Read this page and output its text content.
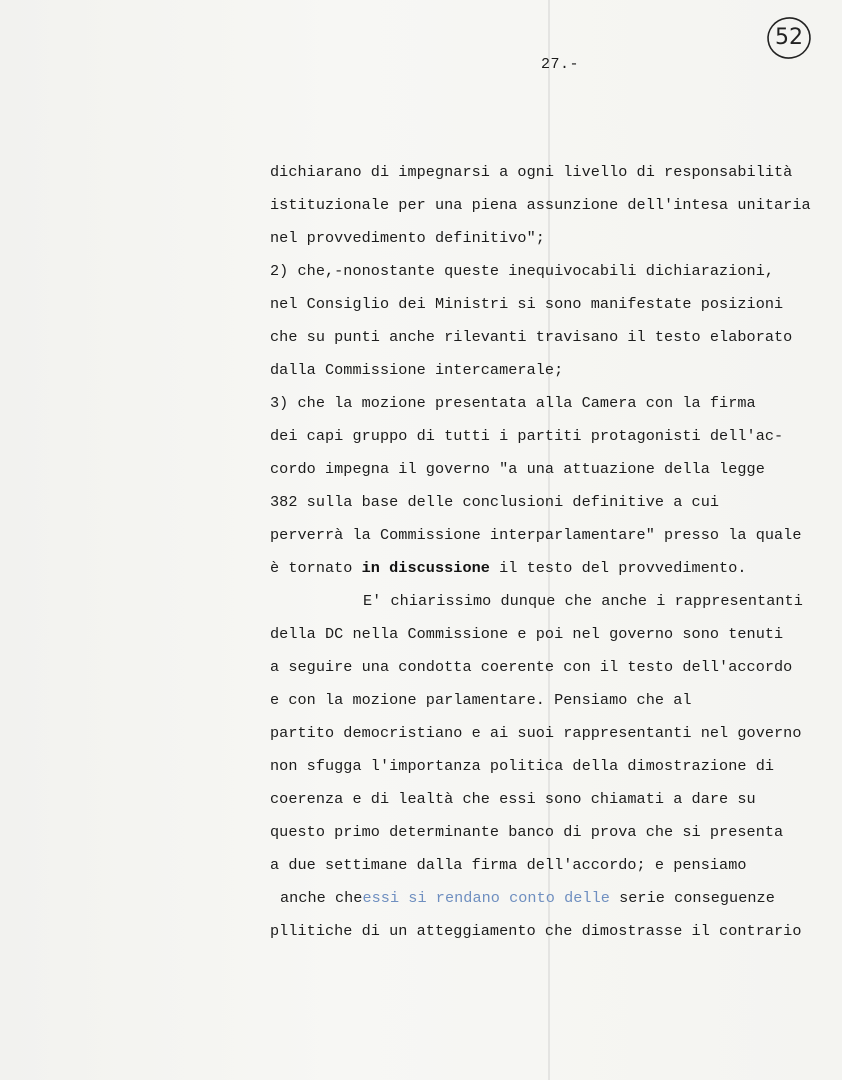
27.-
52
dichiarano di impegnarsi a ogni livello di responsabilità
istituzionale per una piena assunzione dell'intesa unitaria
nel provvedimento definitivo";
2) che,-nonostante queste inequivocabili dichiarazioni,
nel Consiglio dei Ministri si sono manifestate posizioni
che su punti anche rilevanti travisano il testo elaborato
dalla Commissione intercamerale;
3) che la mozione presentata alla Camera con la firma
dei capi gruppo di tutti i partiti protagonisti dell'ac-
cordo impegna il governo "a una attuazione della legge
382 sulla base delle conclusioni definitive a cui
perverrà la Commissione interparlamentare" presso la quale
è tornato in discussione il testo del provvedimento.
E' chiarissimo dunque che anche i rappresentanti
della DC nella Commissione e poi nel governo sono tenuti
a seguire una condotta coerente con il testo dell'accordo
e con la mozione parlamentare. Pensiamo che al
partito democristiano e ai suoi rappresentanti nel governo
non sfugga l'importanza politica della dimostrazione di
coerenza e di lealtà che essi sono chiamati a dare su
questo primo determinante banco di prova che si presenta
a due settimane dalla firma dell'accordo; e pensiamo
anche cheessi si rendano conto delle serie conseguenze
pllitiche di un atteggiamento che dimostrasse il contrario
